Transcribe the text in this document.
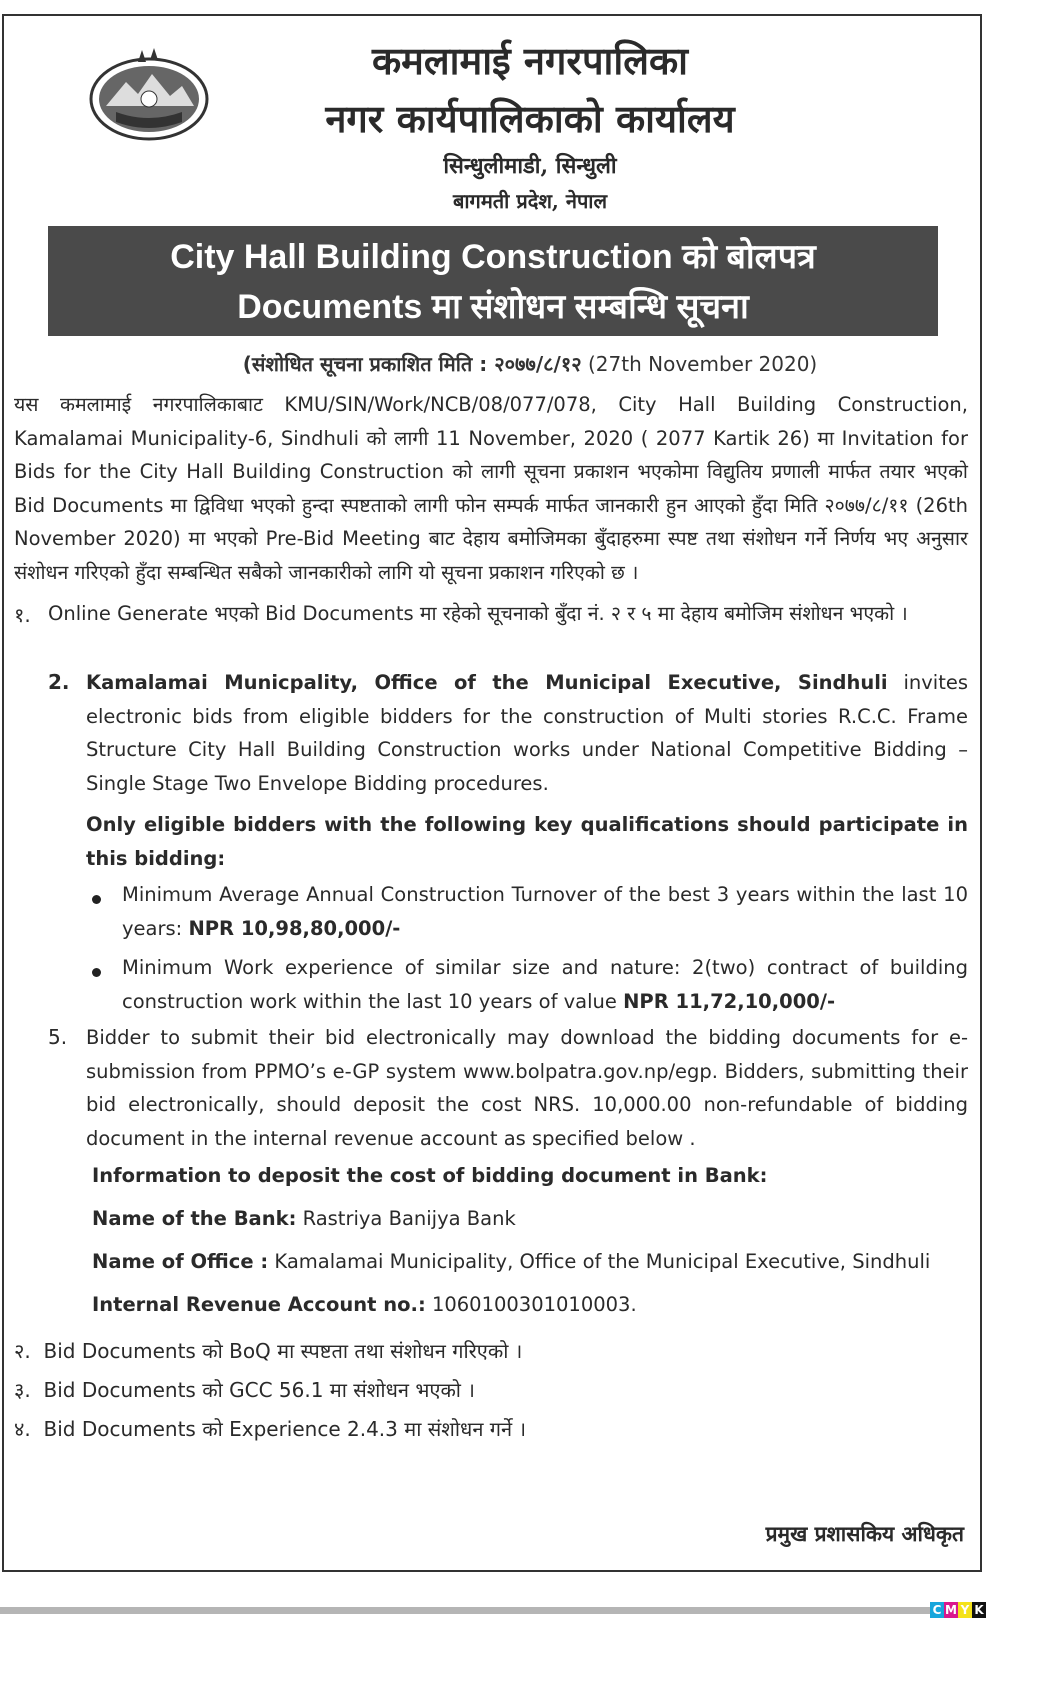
कमलामाई नगरपालिका
नगर कार्यपालिकाको कार्यालय
सिन्धुलीमाडी, सिन्धुली
बागमती प्रदेश, नेपाल
City Hall Building Construction को बोलपत्र
Documents मा संशोधन सम्बन्धि सूचना
(संशोधित सूचना प्रकाशित मिति : २०७७/८/१२ (27th November 2020)
यस कमलामाई नगरपालिकाबाट KMU/SIN/Work/NCB/08/077/078, City Hall Building Construction, Kamalamai Municipality-6, Sindhuli को लागी 11 November, 2020 ( 2077 Kartik 26) मा Invitation for Bids for the City Hall Building Construction को लागी सूचना प्रकाशन भएकोमा विद्युतिय प्रणाली मार्फत तयार भएको Bid Documents मा द्विविधा भएको हुन्दा स्पष्टताको लागी फोन सम्पर्क मार्फत जानकारी हुन आएको हुँदा मिति २०७७/८/११ (26th November 2020) मा भएको Pre-Bid Meeting बाट देहाय बमोजिमका बुँदाहरुमा स्पष्ट तथा संशोधन गर्ने निर्णय भए अनुसार संशोधन गरिएको हुँदा सम्बन्धित सबैको जानकारीको लागि यो सूचना प्रकाशन गरिएको छ ।
१. Online Generate भएको Bid Documents मा रहेको सूचनाको बुँदा नं. २ र ५ मा देहाय बमोजिम संशोधन भएको ।
2. Kamalamai Municpality, Office of the Municipal Executive, Sindhuli invites electronic bids from eligible bidders for the construction of Multi stories R.C.C. Frame Structure City Hall Building Construction works under National Competitive Bidding – Single Stage Two Envelope Bidding procedures.
Only eligible bidders with the following key qualifications should participate in this bidding:
Minimum Average Annual Construction Turnover of the best 3 years within the last 10 years: NPR 10,98,80,000/-
Minimum Work experience of similar size and nature: 2(two) contract of building construction work within the last 10 years of value NPR 11,72,10,000/-
5. Bidder to submit their bid electronically may download the bidding documents for e-submission from PPMO’s e-GP system www.bolpatra.gov.np/egp. Bidders, submitting their bid electronically, should deposit the cost NRS. 10,000.00 non-refundable of bidding document in the internal revenue account as specified below .
Information to deposit the cost of bidding document in Bank:
Name of the Bank: Rastriya Banijya Bank
Name of Office : Kamalamai Municipality, Office of the Municipal Executive, Sindhuli
Internal Revenue Account no.: 1060100301010003.
२. Bid Documents को BoQ मा स्पष्टता तथा संशोधन गरिएको ।
३. Bid Documents को GCC 56.1 मा संशोधन भएको ।
४. Bid Documents को Experience 2.4.3 मा संशोधन गर्ने ।
प्रमुख प्रशासकिय अधिकृत
C M Y K
